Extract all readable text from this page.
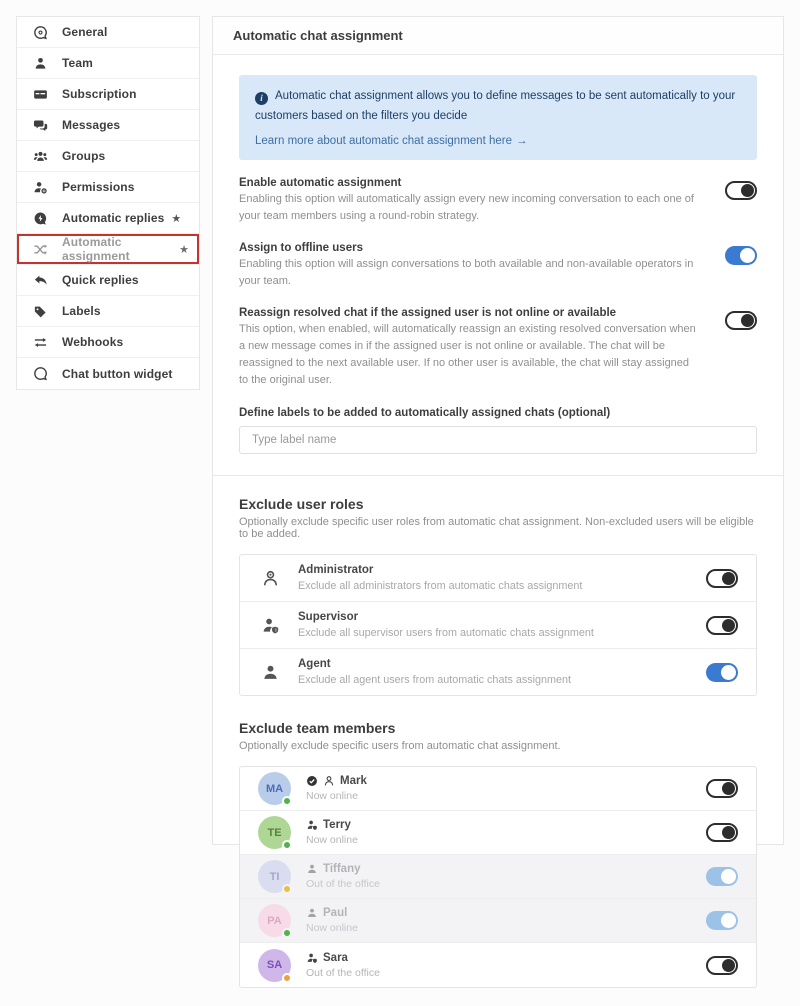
General
Team
Subscription
Messages
Groups
Permissions
Automatic replies ★
Automatic assignment	★
Quick replies
Labels
Webhooks
Chat button widget
Automatic chat assignment
i Automatic chat assignment allows you to define messages to be sent automatically to your customers based on the filters you decide
Learn more about automatic chat assignment here →
Enable automatic assignment
Enabling this option will automatically assign every new incoming conversation to each one of your team members using a round-robin strategy.
Assign to offline users
Enabling this option will assign conversations to both available and non-available operators in your team.
Reassign resolved chat if the assigned user is not online or available
This option, when enabled, will automatically reassign an existing resolved conversation when a new message comes in if the assigned user is not online or available. The chat will be reassigned to the next available user. If no other user is available, the chat will stay assigned to the original user.
Define labels to be added to automatically assigned chats (optional)
Type label name
Exclude user roles
Optionally exclude specific user roles from automatic chat assignment. Non-excluded users will be eligible to be added.
Administrator
Exclude all administrators from automatic chats assignment
Supervisor
Exclude all supervisor users from automatic chats assignment
Agent
Exclude all agent users from automatic chats assignment
Exclude team members
Optionally exclude specific users from automatic chat assignment.
MA
Mark
Now online
TE
Terry
Now online
TI
Tiffany
Out of the office
PA
Paul
Now online
SA
Sara
Out of the office
